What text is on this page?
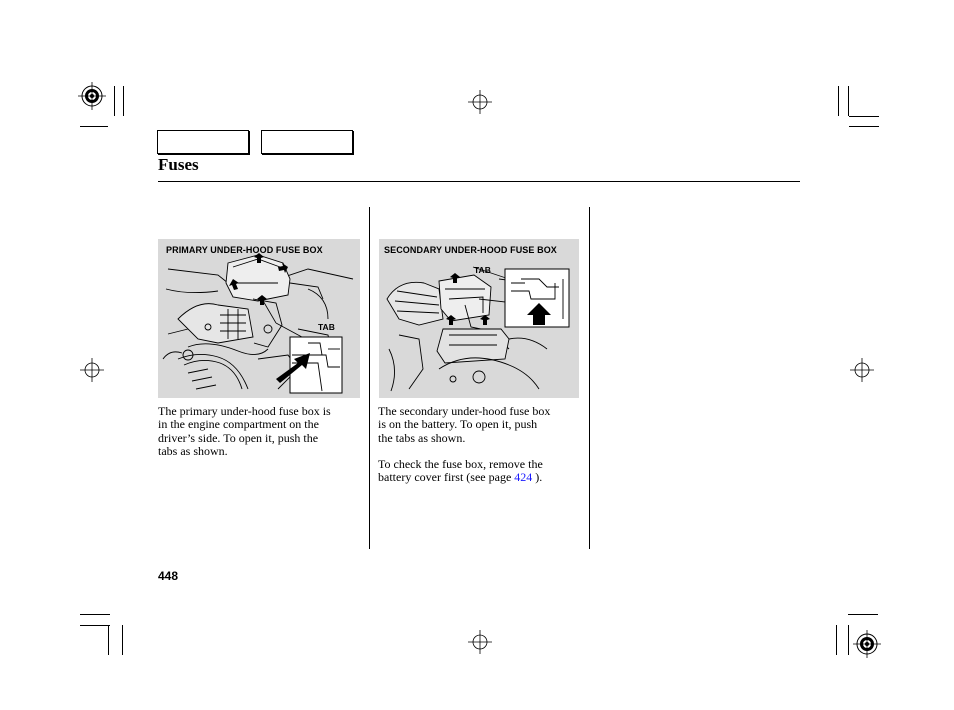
Fuses
PRIMARY UNDER-HOOD FUSE BOX
TAB
SECONDARY UNDER-HOOD FUSE BOX
TAB
The primary under-hood fuse box is
in the engine compartment on the
driver’s side. To open it, push the
tabs as shown.
The secondary under-hood fuse box
is on the battery. To open it, push
the tabs as shown.
To check the fuse box, remove the
battery cover first (see page 424 ).
448
